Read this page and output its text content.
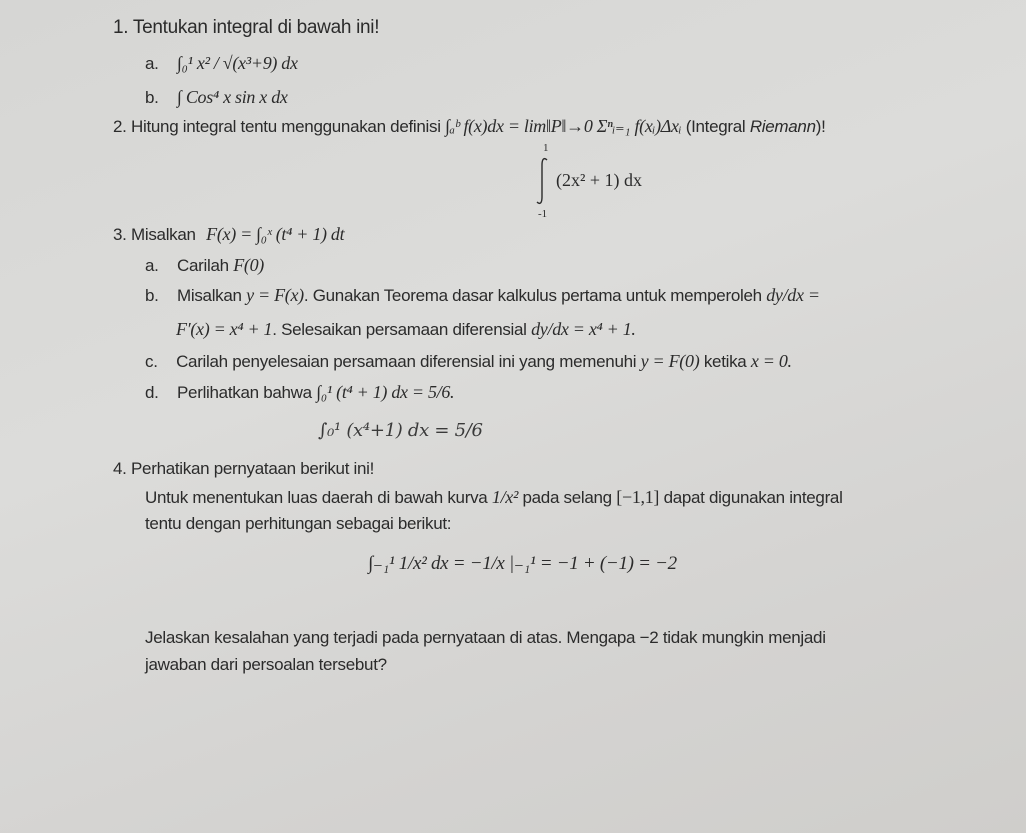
1. Tentukan integral di bawah ini!
a. ∫₀¹ x² / √(x³+9) dx
b. ∫ Cos⁴ x sin x dx
2. Hitung integral tentu menggunakan definisi ∫ₐᵇ f(x)dx = lim‖P‖→0 Σⁿᵢ₌₁ f(xᵢ)Δxᵢ (Integral Riemann)!
1
(2x² + 1) dx
-1
3. Misalkan F(x) = ∫₀ˣ (t⁴ + 1) dt
a. Carilah F(0)
b. Misalkan y = F(x). Gunakan Teorema dasar kalkulus pertama untuk memperoleh dy/dx =
F′(x) = x⁴ + 1. Selesaikan persamaan diferensial dy/dx = x⁴ + 1.
c. Carilah penyelesaian persamaan diferensial ini yang memenuhi y = F(0) ketika x = 0.
d. Perlihatkan bahwa ∫₀¹ (t⁴ + 1) dx = 5/6.
∫₀¹ (x⁴+1) dx = 5/6
4. Perhatikan pernyataan berikut ini!
Untuk menentukan luas daerah di bawah kurva 1/x² pada selang [−1,1] dapat digunakan integral
tentu dengan perhitungan sebagai berikut:
∫₋₁¹ 1/x² dx = −1/x |₋₁¹ = −1 + (−1) = −2
Jelaskan kesalahan yang terjadi pada pernyataan di atas. Mengapa −2 tidak mungkin menjadi
jawaban dari persoalan tersebut?
